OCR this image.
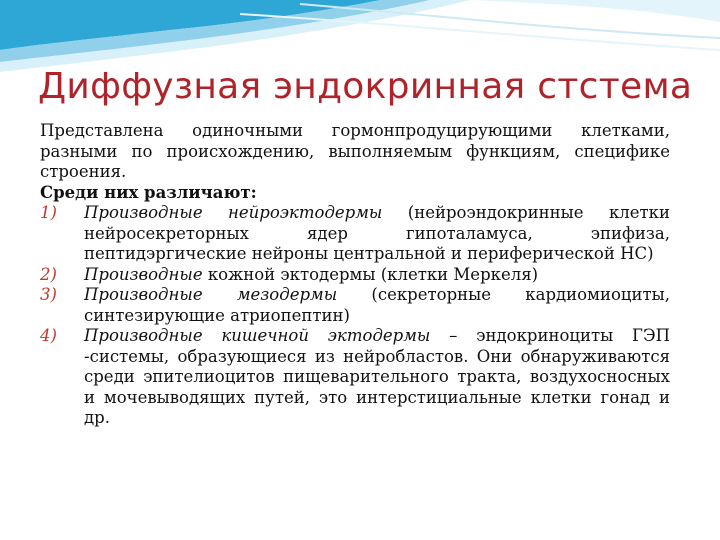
Диффузная эндокринная стстема

Представлена одиночными гормонпродуцирующими клетками, разными по происхождению, выполняемым функциям, специфике строения.

Среди них различают:

1) Производные нейроэктодермы (нейроэндокринные клетки нейросекреторных ядер гипоталамуса, эпифиза, пептидэргические нейроны центральной и периферической НС)
2) Производные кожной эктодермы (клетки Меркеля)
3) Производные мезодермы (секреторные кардиомиоциты, синтезирующие атриопептин)
4) Производные кишечной эктодермы – эндокриноциты ГЭП -системы, образующиеся из нейробластов. Они обнаруживаются среди эпителиоцитов пищеварительного тракта, воздухосносных и мочевыводящих путей, это интерстициальные клетки гонад и др.
